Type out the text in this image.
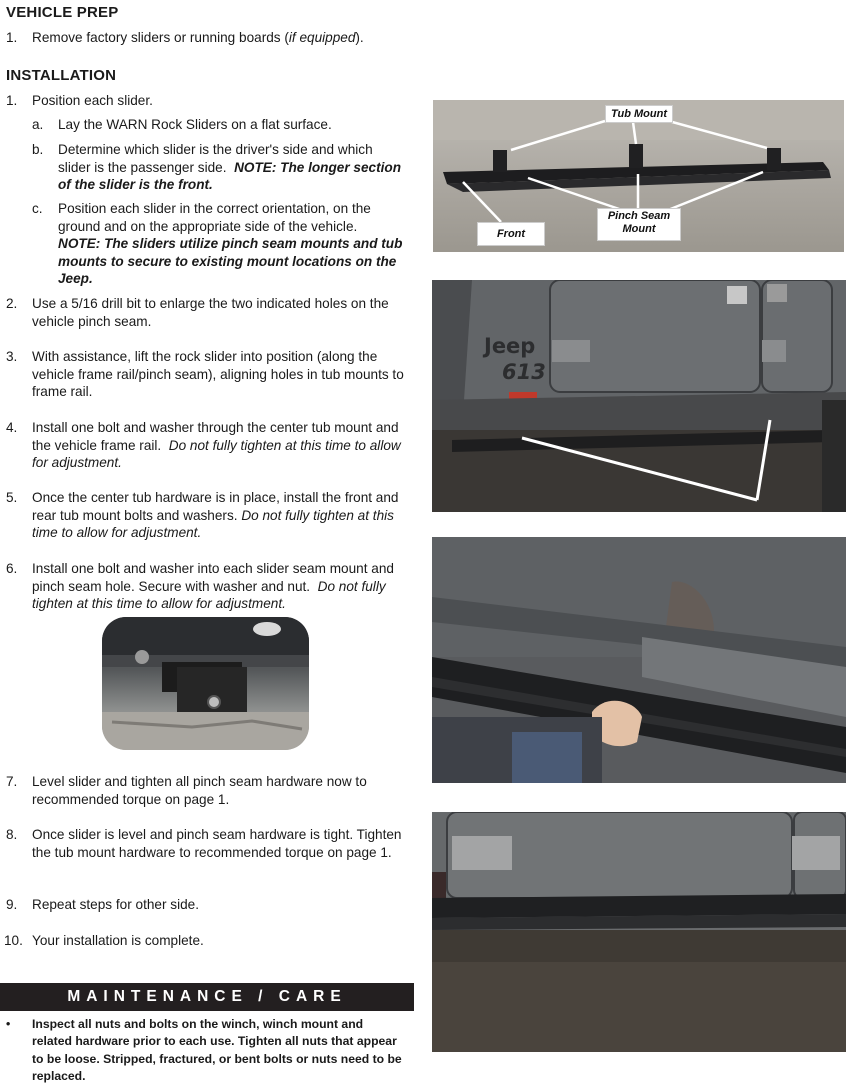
VEHICLE PREP
1. Remove factory sliders or running boards (if equipped).
INSTALLATION
1. Position each slider.
a. Lay the WARN Rock Sliders on a flat surface.
b. Determine which slider is the driver's side and which slider is the passenger side. NOTE: The longer section of the slider is the front.
c. Position each slider in the correct orientation, on the ground and on the appropriate side of the vehicle.  NOTE: The sliders utilize pinch seam mounts and tub mounts to secure to existing mount locations on the Jeep.
2. Use a 5/16 drill bit to enlarge the two indicated holes on the vehicle pinch seam.
3. With assistance, lift the rock slider into position (along the vehicle frame rail/pinch seam), aligning holes in tub mounts to frame rail.
4. Install one bolt and washer through the center tub mount and the vehicle frame rail. Do not fully tighten at this time to allow for adjustment.
5. Once the center tub hardware is in place, install the front and rear tub mount bolts and washers. Do not fully tighten at this time to allow for adjustment.
6. Install one bolt and washer into each slider seam mount and pinch seam hole. Secure with washer and nut. Do not fully tighten at this time to allow for adjustment.
7. Level slider and tighten all pinch seam hardware now to recommended torque on page 1.
8. Once slider is level and pinch seam hardware is tight. Tighten the tub mount hardware to recommended torque on page 1.
9. Repeat steps for other side.
10. Your installation is complete.
MAINTENANCE / CARE
• Inspect all nuts and bolts on the winch, winch mount and related hardware prior to each use. Tighten all nuts that appear to be loose. Stripped, fractured, or bent bolts or nuts need to be replaced.
Tub Mount
Front
Pinch Seam Mount
Jeep
613
